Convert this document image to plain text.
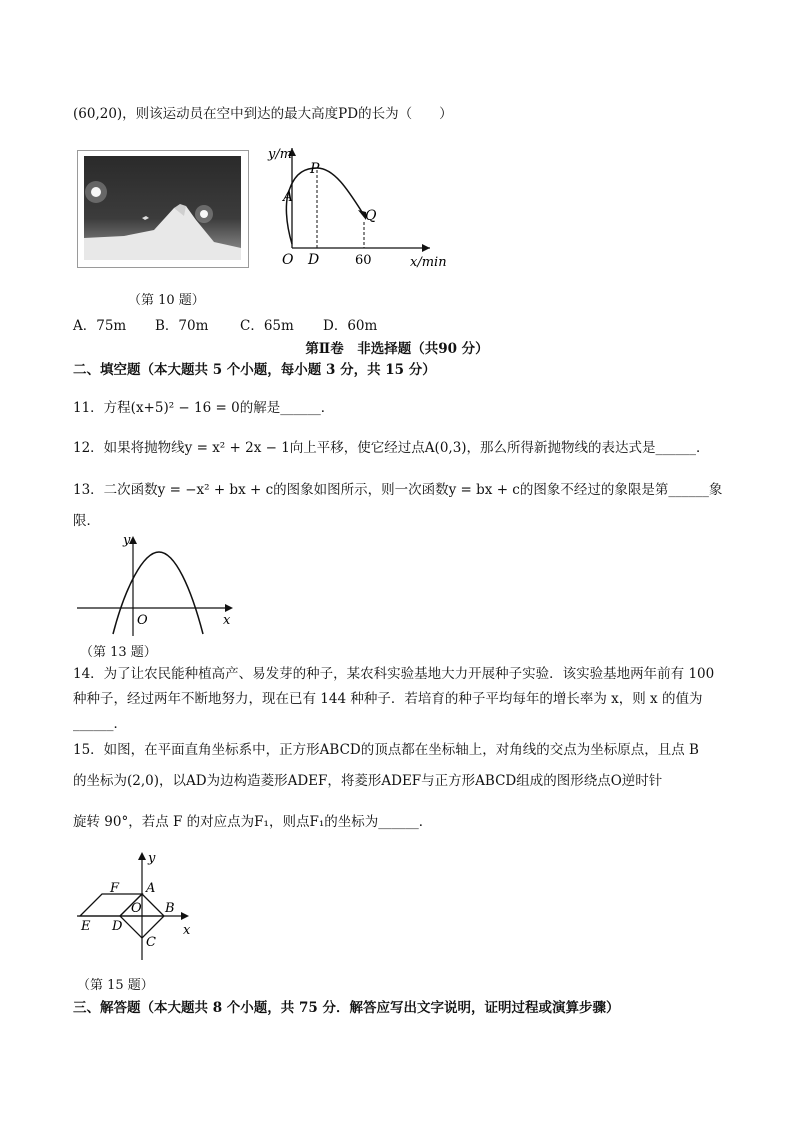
(60,20)，则该运动员在空中到达的最大高度PD的长为（　　）
y/m
x/min
O
A
P
D
Q
60
（第 10 题）
A．75m B．70m C．65m D．60m
第Ⅱ卷　非选择题（共90 分）
二、填空题（本大题共 5 个小题，每小题 3 分，共 15 分）
11．方程(x+5)² − 16 = 0的解是______．
12．如果将抛物线y = x² + 2x − 1向上平移，使它经过点A(0,3)，那么所得新抛物线的表达式是______．
13．二次函数y = −x² + bx + c的图象如图所示，则一次函数y = bx + c的图象不经过的象限是第______象
限．
y
x
O
（第 13 题）
14．为了让农民能种植高产、易发芽的种子，某农科实验基地大力开展种子实验．该实验基地两年前有 100
种种子，经过两年不断地努力，现在已有 144 种种子．若培育的种子平均每年的增长率为 x，则 x 的值为
______．
15．如图，在平面直角坐标系中，正方形ABCD的顶点都在坐标轴上，对角线的交点为坐标原点，且点 B
的坐标为(2,0)，以AD为边构造菱形ADEF，将菱形ADEF与正方形ABCD组成的图形绕点O逆时针
旋转 90°，若点 F 的对应点为F₁，则点F₁的坐标为______．
y
x
A
B
C
D
E
F
O
（第 15 题）
三、解答题（本大题共 8 个小题，共 75 分．解答应写出文字说明，证明过程或演算步骤）
